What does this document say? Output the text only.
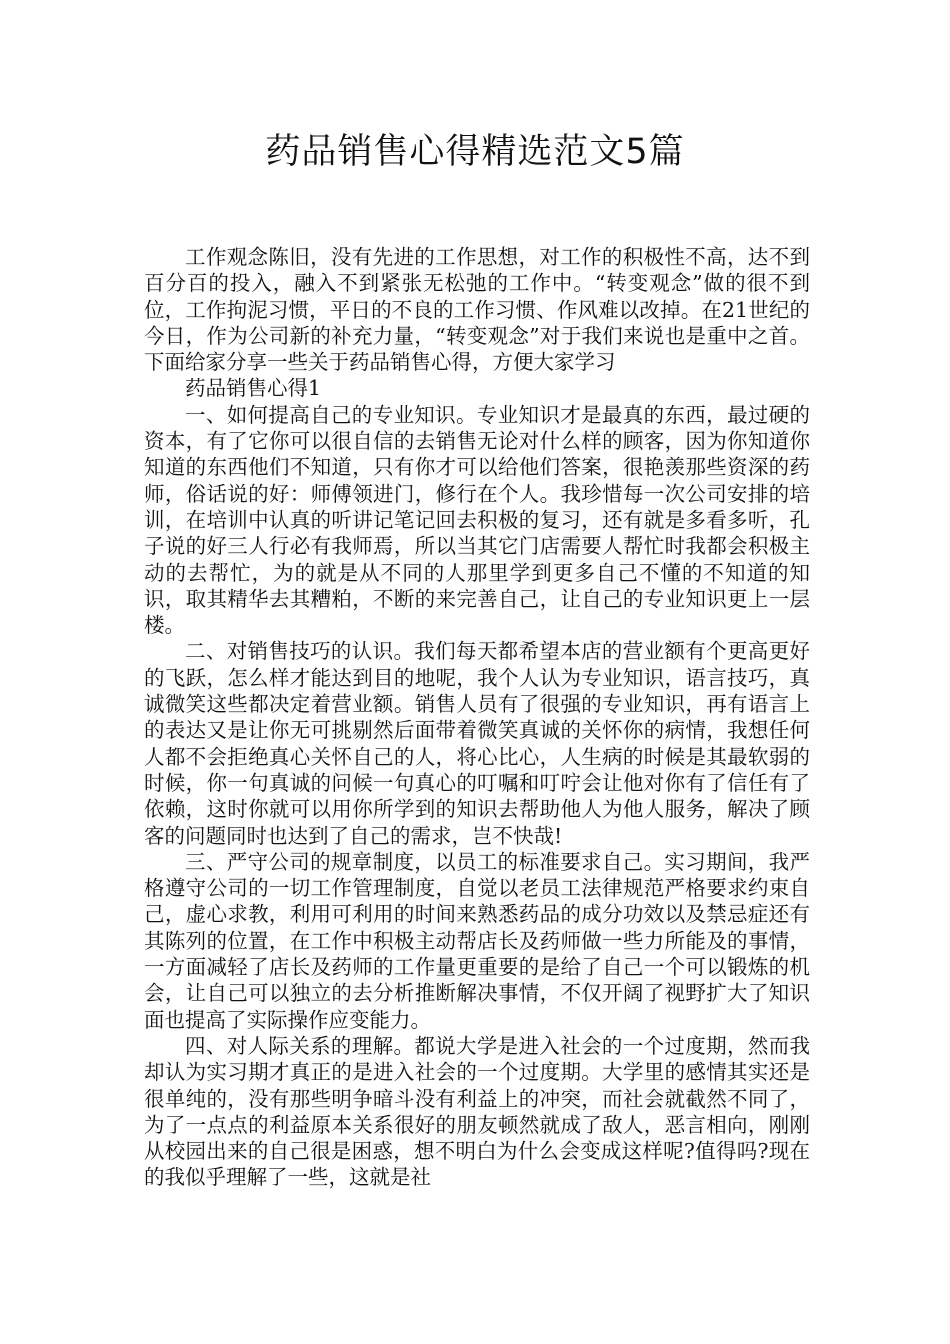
药品销售心得精选范文5篇

工作观念陈旧，没有先进的工作思想，对工作的积极性不高，达不到百分百的投入，融入不到紧张无松弛的工作中。“转变观念”做的很不到位，工作拘泥习惯，平日的不良的工作习惯、作风难以改掉。在21世纪的今日，作为公司新的补充力量，“转变观念”对于我们来说也是重中之首。下面给家分享一些关于药品销售心得，方便大家学习

药品销售心得1

一、如何提高自己的专业知识。专业知识才是最真的东西，最过硬的资本，有了它你可以很自信的去销售无论对什么样的顾客，因为你知道你知道的东西他们不知道，只有你才可以给他们答案，很艳羡那些资深的药师，俗话说的好：师傅领进门，修行在个人。我珍惜每一次公司安排的培训，在培训中认真的听讲记笔记回去积极的复习，还有就是多看多听，孔子说的好三人行必有我师焉，所以当其它门店需要人帮忙时我都会积极主动的去帮忙，为的就是从不同的人那里学到更多自己不懂的不知道的知识，取其精华去其糟粕，不断的来完善自己，让自己的专业知识更上一层楼。

二、对销售技巧的认识。我们每天都希望本店的营业额有个更高更好的飞跃，怎么样才能达到目的地呢，我个人认为专业知识，语言技巧，真诚微笑这些都决定着营业额。销售人员有了很强的专业知识，再有语言上的表达又是让你无可挑剔然后面带着微笑真诚的关怀你的病情，我想任何人都不会拒绝真心关怀自己的人，将心比心，人生病的时候是其最软弱的时候，你一句真诚的问候一句真心的叮嘱和叮咛会让他对你有了信任有了依赖，这时你就可以用你所学到的知识去帮助他人为他人服务，解决了顾客的问题同时也达到了自己的需求，岂不快哉!

三、严守公司的规章制度，以员工的标准要求自己。实习期间，我严格遵守公司的一切工作管理制度，自觉以老员工法律规范严格要求约束自己，虚心求教，利用可利用的时间来熟悉药品的成分功效以及禁忌症还有其陈列的位置，在工作中积极主动帮店长及药师做一些力所能及的事情，一方面减轻了店长及药师的工作量更重要的是给了自己一个可以锻炼的机会，让自己可以独立的去分析推断解决事情，不仅开阔了视野扩大了知识面也提高了实际操作应变能力。

四、对人际关系的理解。都说大学是进入社会的一个过度期，然而我却认为实习期才真正的是进入社会的一个过度期。大学里的感情其实还是很单纯的，没有那些明争暗斗没有利益上的冲突，而社会就截然不同了，为了一点点的利益原本关系很好的朋友顿然就成了敌人，恶言相向，刚刚从校园出来的自己很是困惑，想不明白为什么会变成这样呢?值得吗?现在的我似乎理解了一些，这就是社
